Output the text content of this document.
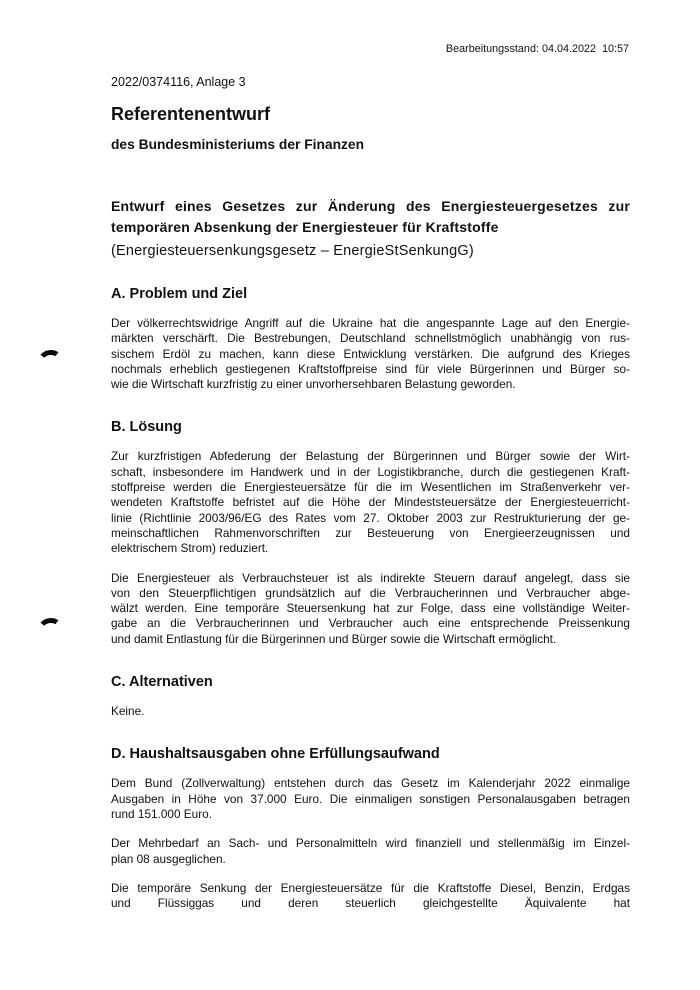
Bearbeitungsstand: 04.04.2022  10:57
2022/0374116, Anlage 3
Referentenentwurf
des Bundesministeriums der Finanzen
Entwurf eines Gesetzes zur Änderung des Energiesteuergesetzes zur
temporären Absenkung der Energiesteuer für Kraftstoffe
(Energiesteuersenkungsgesetz – EnergieStSenkungG)
A. Problem und Ziel
Der völkerrechtswidrige Angriff auf die Ukraine hat die angespannte Lage auf den Energie-
märkten verschärft. Die Bestrebungen, Deutschland schnellstmöglich unabhängig von rus-
sischem Erdöl zu machen, kann diese Entwicklung verstärken. Die aufgrund des Krieges
nochmals erheblich gestiegenen Kraftstoffpreise sind für viele Bürgerinnen und Bürger so-
wie die Wirtschaft kurzfristig zu einer unvorhersehbaren Belastung geworden.
B. Lösung
Zur kurzfristigen Abfederung der Belastung der Bürgerinnen und Bürger sowie der Wirt-
schaft, insbesondere im Handwerk und in der Logistikbranche, durch die gestiegenen Kraft-
stoffpreise werden die Energiesteuersätze für die im Wesentlichen im Straßenverkehr ver-
wendeten Kraftstoffe befristet auf die Höhe der Mindeststeuersätze der Energiesteuerricht-
linie (Richtlinie 2003/96/EG des Rates vom 27. Oktober 2003 zur Restrukturierung der ge-
meinschaftlichen Rahmenvorschriften zur Besteuerung von Energieerzeugnissen und
elektrischem Strom) reduziert.
Die Energiesteuer als Verbrauchsteuer ist als indirekte Steuern darauf angelegt, dass sie
von den Steuerpflichtigen grundsätzlich auf die Verbraucherinnen und Verbraucher abge-
wälzt werden. Eine temporäre Steuersenkung hat zur Folge, dass eine vollständige Weiter-
gabe an die Verbraucherinnen und Verbraucher auch eine entsprechende Preissenkung
und damit Entlastung für die Bürgerinnen und Bürger sowie die Wirtschaft ermöglicht.
C. Alternativen
Keine.
D. Haushaltsausgaben ohne Erfüllungsaufwand
Dem Bund (Zollverwaltung) entstehen durch das Gesetz im Kalenderjahr 2022 einmalige
Ausgaben in Höhe von 37.000 Euro. Die einmaligen sonstigen Personalausgaben betragen
rund 151.000 Euro.
Der Mehrbedarf an Sach- und Personalmitteln wird finanziell und stellenmäßig im Einzel-
plan 08 ausgeglichen.
Die temporäre Senkung der Energiesteuersätze für die Kraftstoffe Diesel, Benzin, Erdgas
und Flüssiggas und deren steuerlich gleichgestellte Äquivalente hat
